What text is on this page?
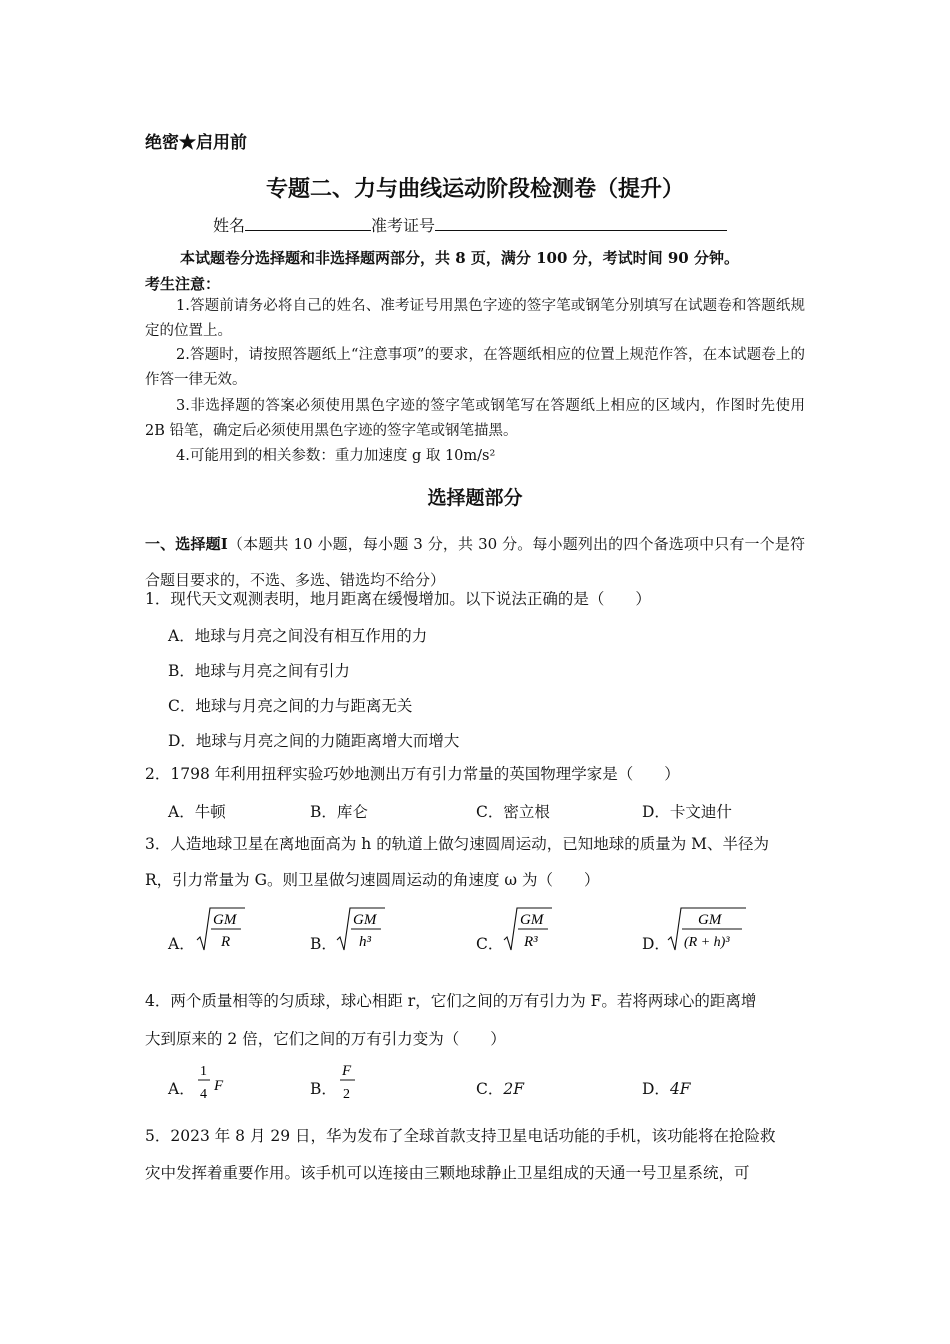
绝密★启用前
专题二、力与曲线运动阶段检测卷（提升）
姓名	准考证号
本试题卷分选择题和非选择题两部分，共 8 页，满分 100 分，考试时间 90 分钟。
考生注意：
1.答题前请务必将自己的姓名、准考证号用黑色字迹的签字笔或钢笔分别填写在试题卷和答题纸规定的位置上。
2.答题时，请按照答题纸上“注意事项”的要求，在答题纸相应的位置上规范作答，在本试题卷上的作答一律无效。
3.非选择题的答案必须使用黑色字迹的签字笔或钢笔写在答题纸上相应的区域内，作图时先使用 2B 铅笔，确定后必须使用黑色字迹的签字笔或钢笔描黑。
4.可能用到的相关参数：重力加速度 g 取 10m/s²
选择题部分
一、选择题Ⅰ（本题共 10 小题，每小题 3 分，共 30 分。每小题列出的四个备选项中只有一个是符合题目要求的，不选、多选、错选均不给分）
1．现代天文观测表明，地月距离在缓慢增加。以下说法正确的是（　　）
A．地球与月亮之间没有相互作用的力
B．地球与月亮之间有引力
C．地球与月亮之间的力与距离无关
D．地球与月亮之间的力随距离增大而增大
2．1798 年利用扭秤实验巧妙地测出万有引力常量的英国物理学家是（　　）
A．牛顿	B．库仑	C．密立根	D．卡文迪什
3．人造地球卫星在离地面高为 h 的轨道上做匀速圆周运动，已知地球的质量为 M、半径为
R，引力常量为 G。则卫星做匀速圆周运动的角速度 ω 为（　　）
A．
GM
R	B．
GM
h³	C．
GM
R³	D．
GM
(R + h)³
4．两个质量相等的匀质球，球心相距 r，它们之间的万有引力为 F。若将两球心的距离增
大到原来的 2 倍，它们之间的万有引力变为（　　）
A．
1
4
F	B．
F
2	C．2F	D．4F
5．2023 年 8 月 29 日，华为发布了全球首款支持卫星电话功能的手机，该功能将在抢险救
灾中发挥着重要作用。该手机可以连接由三颗地球静止卫星组成的天通一号卫星系统，可
